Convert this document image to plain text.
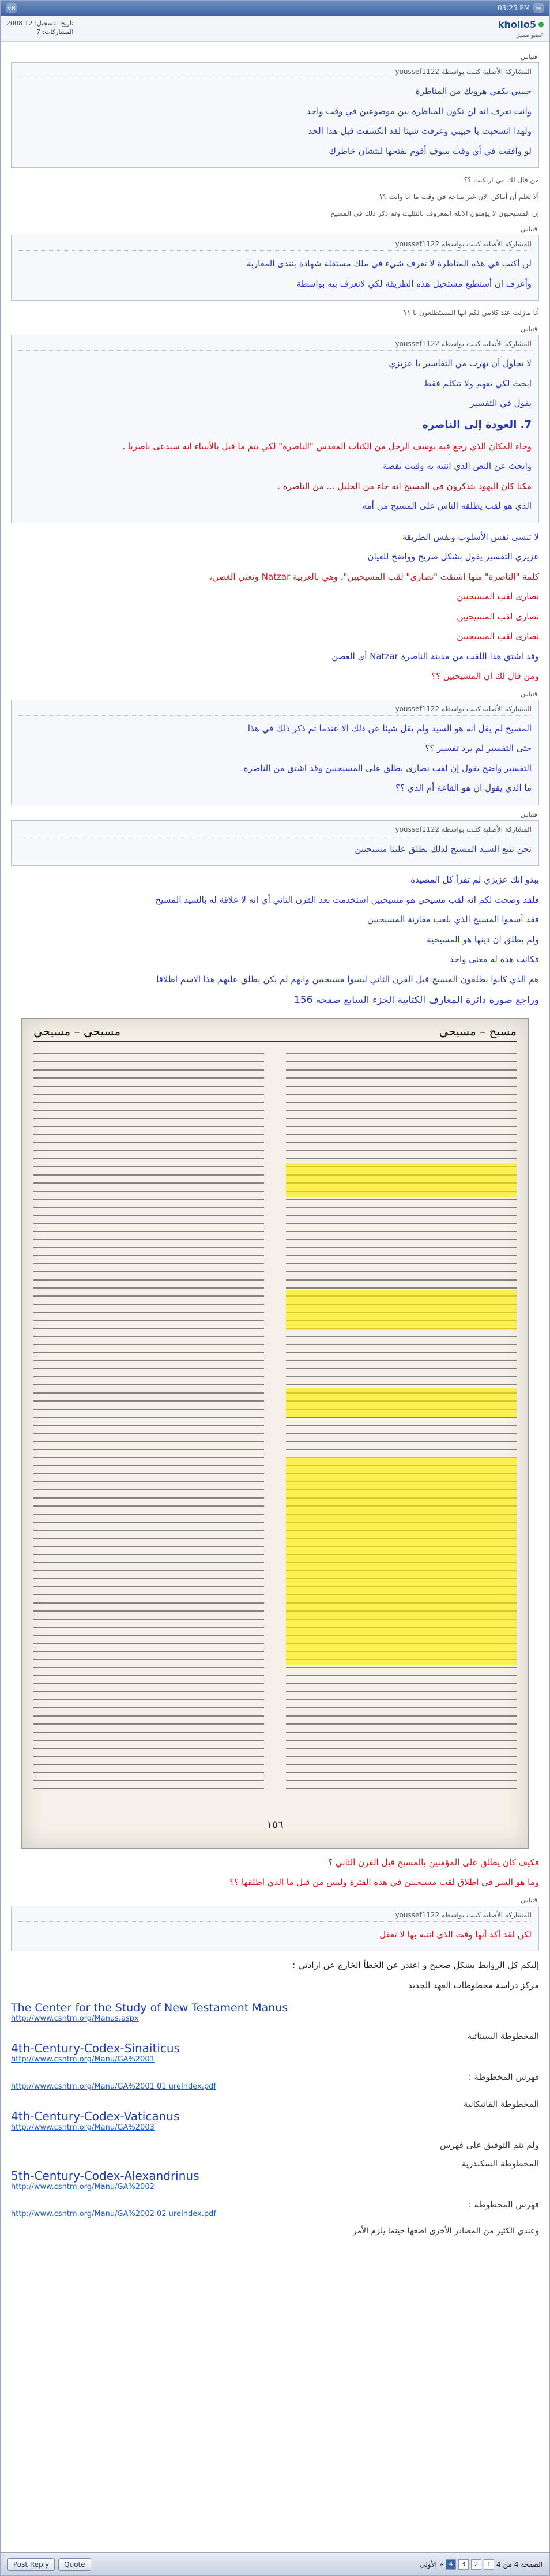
vB	03:25 PM ☰
kholio5
عضو مميز
تاريخ التسجيل: 12 2008
المشاركات: 7
اقتباس
المشاركة الأصلية كتبت بواسطة youssef1122

حبيبي يكفي هروبك من المناظرة

وانت تعرف انه لن تكون المناظرة بين موضوعين في وقت واحد

ولهذا انسحبت يا حبيبي وعرفت شيئا لقد انكشفت قبل هذا الحد

لو وافقت في أي وقت سوف أقوم بفتحها لنتشان خاطرك

من قال لك اني ارتكبت ؟؟

ألا تعلم أن أماكن الان غير متاحة في وقت ما انا وانت ؟؟

إن المسيحيون لا يؤمنون الالله المعروف بالتثليث وتم ذكر ذلك في المسيح

اقتباس
المشاركة الأصلية كتبت بواسطة youssef1122

لن أكتب في هذه المناظرة لا تعرف شيء في ملك مستقلة شهادة بنتدى المغاربة

وأعرف ان أستطيع مستحيل هذه الطريقة لكي لاتعرف بيه بواسطة

أنا مازلت عند كلامي لكم ايها المستطلعون يا ؟؟

اقتباس
المشاركة الأصلية كتبت بواسطة youssef1122

لا تحاول أن تهرب من التفاسير يا عزيزي

ابحث لكي تفهم ولا تتكلم فقط

يقول في التفسير

7. العودة إلى الناصرة

وجاء المكان الذي رجع فيه يوسف الرجل من الكتاب المقدس "الناصرة" لكي يتم ما قيل بالأنبياء انه سيدعى ناصريا .

وابحث عن النص الذي انتبه به وقبت بقصة

مكنا كان اليهود يتذكرون في المسيح انه جاء من الجليل ... من الناصرة .

الذي هو لقب يطلقه الناس على المسيح من أمه

لا تنسى نفس الأسلوب ونفس الطريقة

عزيزي التفسير يقول بشكل صريح وواضح للعيان

كلمة "الناصرة" منها اشتقت "نصارى" لقب المسيحيين"، وهي بالعربية Natzar وتعني الغصن،

نصارى لقب المسيحيين

نصارى لقب المسيحيين

نصارى لقب المسيحيين

وقد اشتق هذا اللقب من مدينة الناصرة Natzar أي الغصن

ومن قال لك ان المسيحيين ؟؟

اقتباس
المشاركة الأصلية كتبت بواسطة youssef1122

المسيح لم يقل أنه هو السيد ولم يقل شيئا عن ذلك الا عندما تم ذكر ذلك في هذا

حتى التفسير لم يرد تفسير ؟؟

التفسير واضح يقول إن لقب نصارى يطلق على المسيحيين وقد اشتق من الناصرة

ما الذي يقول ان هو القاعة أم الذي ؟؟

اقتباس
المشاركة الأصلية كتبت بواسطة youssef1122

نحن نتبع السيد المسيح لذلك يطلق علينا مسيحيين

يبدو انك عزيزي لم تقرأ كل المصيدة

فلقد وضحت لكم انه لقب مسيحي هو مسيحيين استخدمت بعد القرن الثاني أي انه لا علاقة له بالسيد المسيح

فقد أسموا المسيح الذي بلعب مقارنة المسيحيين

ولم يطلق ان دينها هو المسيحية

فكانت هذه له معنى واحد

هم الذي كانوا يطلقون المسيح قبل القرن الثاني ليسوا مسيحيين وانهم لم يكن يطلق عليهم هذا الاسم اطلاقا

وراجع صورة دائرة المعارف الكتابية الجزء السابع صفحة 156

مسيح – مسيحي
مسيحي – مسيحي
١٥٦

فكيف كان يطلق على المؤمنين بالمسيح قبل القرن الثاني ؟

وما هو السر في اطلاق لقب مسيحيين في هذه الفترة وليس من قبل ما الذي اطلقها ؟؟

اقتباس
المشاركة الأصلية كتبت بواسطة youssef1122

لكن لقد أكد أنها وقت الذي انتبه بها لا تعقل

إليكم كل الروابط بشكل صحيح و اعتذر عن الخطأ الخارج عن ارادتي :

مركز دراسة مخطوطات العهد الجديد

The Center for the Study of New Testament Manus
http://www.csntm.org/Manus.aspx
المخطوطة السينائية
4th-Century-Codex-Sinaiticus
http://www.csntm.org/Manu/GA%2001
فهرس المخطوطة :
http://www.csntm.org/Manu/GA%2001 01 ureIndex.pdf
المخطوطة الفاتيكانية
4th-Century-Codex-Vaticanus
http://www.csntm.org/Manu/GA%2003
ولم تتم التوفيق على فهرس
المخطوطة السكندرية
5th-Century-Codex-Alexandrinus
http://www.csntm.org/Manu/GA%2002
فهرس المخطوطة :
http://www.csntm.org/Manu/GA%2002 02 ureIndex.pdf
وعندي الكثير من المصادر الأخرى اضعها حينما يلزم الأمر
الصفحة 4 من 4
1
2
3
4
« الأولى
Quote
Post Reply
